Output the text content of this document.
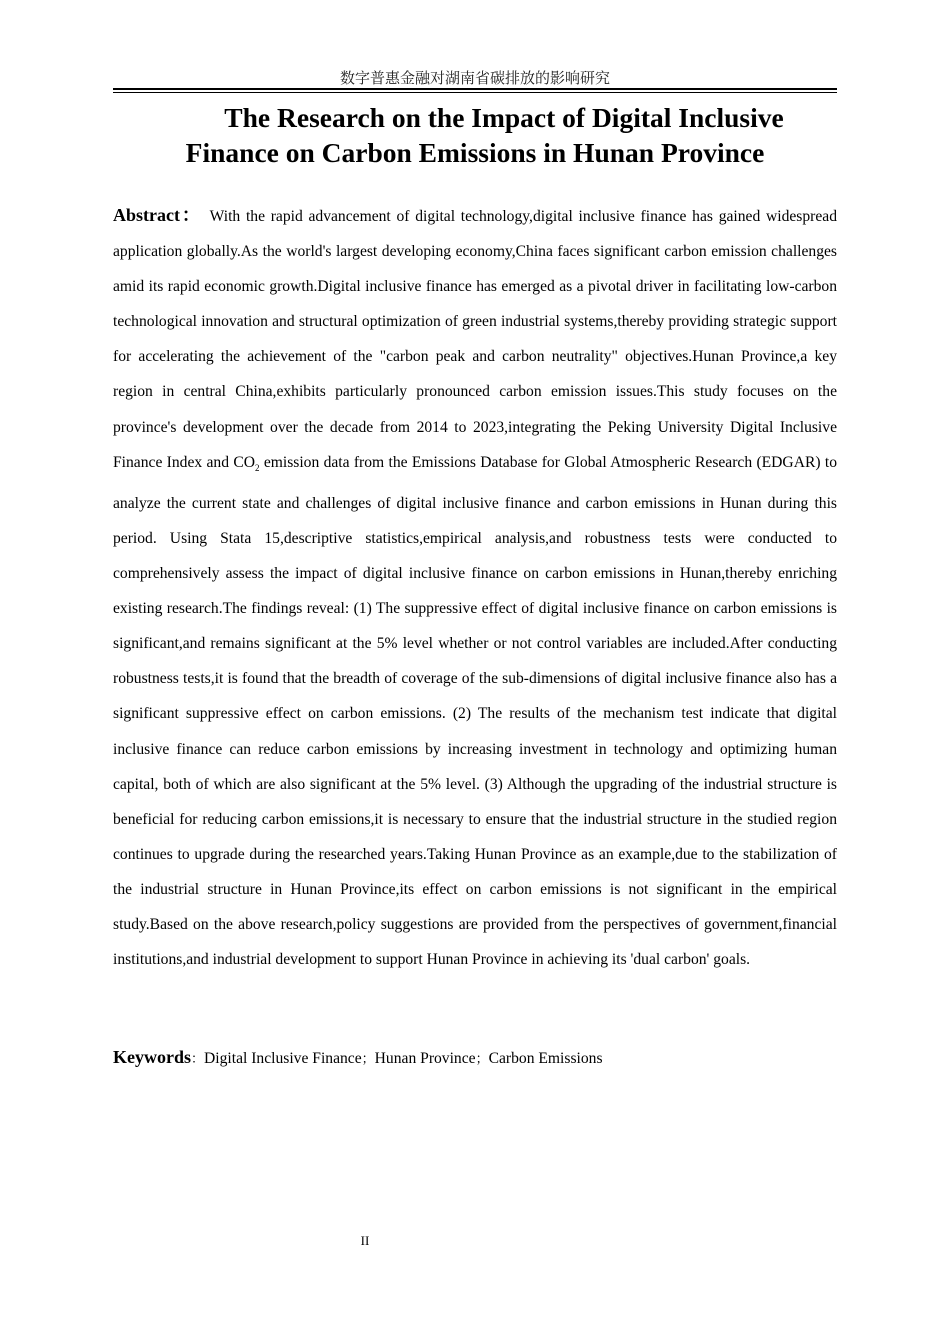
数字普惠金融对湖南省碳排放的影响研究
The Research on the Impact of Digital Inclusive
Finance on Carbon Emissions in Hunan Province
Abstract： With the rapid advancement of digital technology,digital inclusive finance has gained widespread application globally.As the world's largest developing economy,China faces significant carbon emission challenges amid its rapid economic growth.Digital inclusive finance has emerged as a pivotal driver in facilitating low-carbon technological innovation and structural optimization of green industrial systems,thereby providing strategic support for accelerating the achievement of the "carbon peak and carbon neutrality" objectives.Hunan Province,a key region in central China,exhibits particularly pronounced carbon emission issues.This study focuses on the province's development over the decade from 2014 to 2023,integrating the Peking University Digital Inclusive Finance Index and $CO_2$ emission data from the Emissions Database for Global Atmospheric Research (EDGAR) to analyze the current state and challenges of digital inclusive finance and carbon emissions in Hunan during this period. Using Stata 15,descriptive statistics,empirical analysis,and robustness tests were conducted to comprehensively assess the impact of digital inclusive finance on carbon emissions in Hunan,thereby enriching existing research.The findings reveal: (1) The suppressive effect of digital inclusive finance on carbon emissions is significant,and remains significant at the 5% level whether or not control variables are included.After conducting robustness tests,it is found that the breadth of coverage of the sub-dimensions of digital inclusive finance also has a significant suppressive effect on carbon emissions. (2) The results of the mechanism test indicate that digital inclusive finance can reduce carbon emissions by increasing investment in technology and optimizing human capital, both of which are also significant at the 5% level. (3) Although the upgrading of the industrial structure is beneficial for reducing carbon emissions,it is necessary to ensure that the industrial structure in the studied region continues to upgrade during the researched years.Taking Hunan Province as an example,due to the stabilization of the industrial structure in Hunan Province,its effect on carbon emissions is not significant in the empirical study.Based on the above research,policy suggestions are provided from the perspectives of government,financial institutions,and industrial development to support Hunan Province in achieving its 'dual carbon' goals.
Keywords：Digital Inclusive Finance；Hunan Province；Carbon Emissions
II
